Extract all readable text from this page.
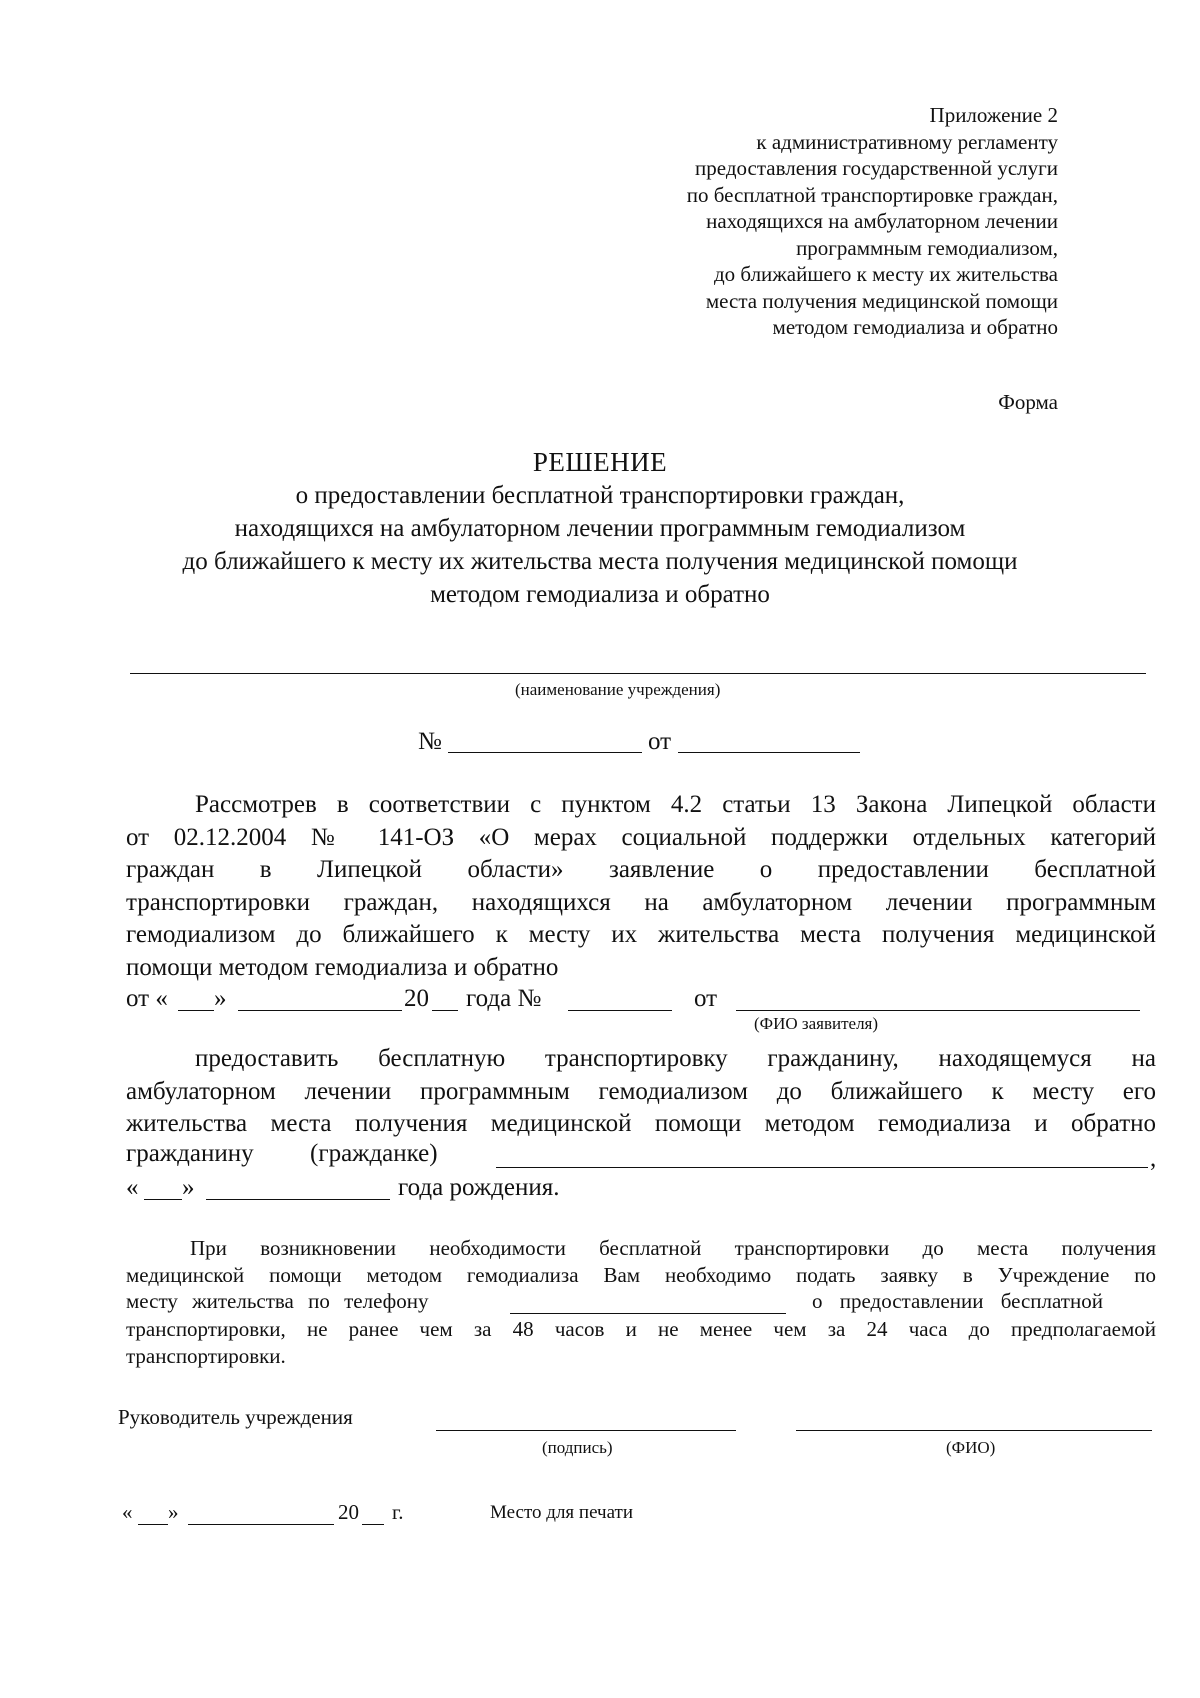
Приложение 2
к административному регламенту
предоставления государственной услуги
по бесплатной транспортировке граждан,
находящихся на амбулаторном лечении
программным гемодиализом,
до ближайшего к месту их жительства
места получения медицинской помощи
методом гемодиализа и обратно
Форма
РЕШЕНИЕ
о предоставлении бесплатной транспортировки граждан,
находящихся на амбулаторном лечении программным гемодиализом
до ближайшего к месту их жительства места получения медицинской помощи
методом гемодиализа и обратно
(наименование учреждения)
№	от
Рассмотрев в соответствии с пунктом 4.2 статьи 13 Закона Липецкой области
от 02.12.2004 № 141-ОЗ «О мерах социальной поддержки отдельных категорий
граждан в Липецкой области» заявление о предоставлении бесплатной
транспортировки граждан, находящихся на амбулаторном лечении программным
гемодиализом до ближайшего к месту их жительства места получения медицинской
помощи методом гемодиализа и обратно
от « »	20 года №	от
(ФИО заявителя)
предоставить бесплатную транспортировку гражданину, находящемуся на
амбулаторном лечении программным гемодиализом до ближайшего к месту его
жительства места получения медицинской помощи методом гемодиализа и обратно
гражданину (гражданке)	,
« »	года рождения.
При возникновении необходимости бесплатной транспортировки до места получения
медицинской помощи методом гемодиализа Вам необходимо подать заявку в Учреждение по
транспортировки, не ранее чем за 48 часов и не менее чем за 24 часа до предполагаемой
транспортировки.
месту жительства по телефону	о предоставлении бесплатной
Руководитель учреждения
(подпись)	(ФИО)
« »	20 г.	Место для печати
